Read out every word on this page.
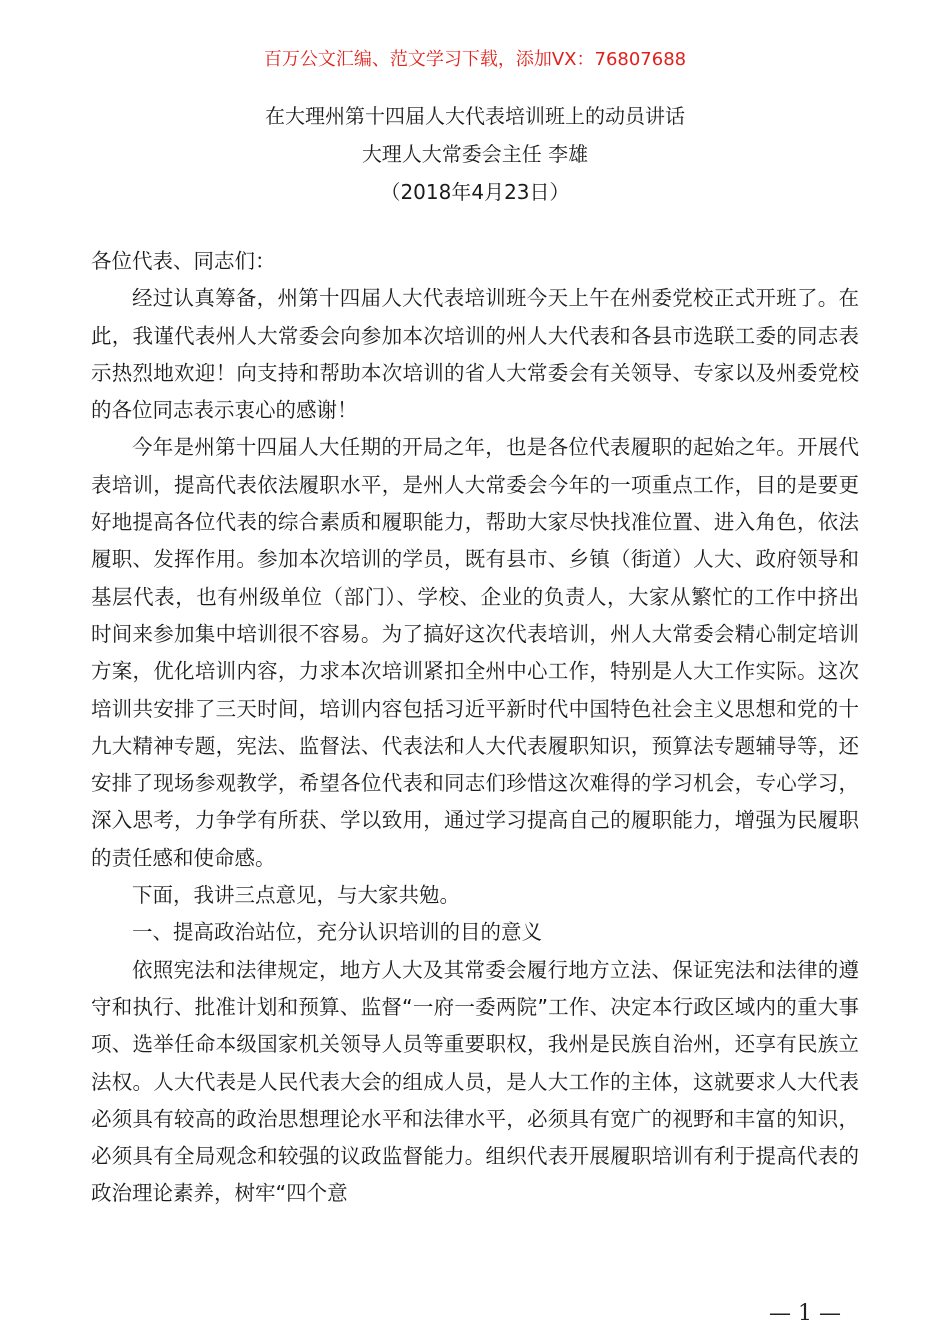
百万公文汇编、范文学习下载，添加VX：76807688
在大理州第十四届人大代表培训班上的动员讲话
大理人大常委会主任 李雄
（2018年4月23日）

各位代表、同志们：

经过认真筹备，州第十四届人大代表培训班今天上午在州委党校正式开班了。在此，我谨代表州人大常委会向参加本次培训的州人大代表和各县市选联工委的同志表示热烈地欢迎！向支持和帮助本次培训的省人大常委会有关领导、专家以及州委党校的各位同志表示衷心的感谢！

今年是州第十四届人大任期的开局之年，也是各位代表履职的起始之年。开展代表培训，提高代表依法履职水平，是州人大常委会今年的一项重点工作，目的是要更好地提高各位代表的综合素质和履职能力，帮助大家尽快找准位置、进入角色，依法履职、发挥作用。参加本次培训的学员，既有县市、乡镇（街道）人大、政府领导和基层代表，也有州级单位（部门）、学校、企业的负责人，大家从繁忙的工作中挤出时间来参加集中培训很不容易。为了搞好这次代表培训，州人大常委会精心制定培训方案，优化培训内容，力求本次培训紧扣全州中心工作，特别是人大工作实际。这次培训共安排了三天时间，培训内容包括习近平新时代中国特色社会主义思想和党的十九大精神专题，宪法、监督法、代表法和人大代表履职知识，预算法专题辅导等，还安排了现场参观教学，希望各位代表和同志们珍惜这次难得的学习机会，专心学习，深入思考，力争学有所获、学以致用，通过学习提高自己的履职能力，增强为民履职的责任感和使命感。

下面，我讲三点意见，与大家共勉。

一、提高政治站位，充分认识培训的目的意义

依照宪法和法律规定，地方人大及其常委会履行地方立法、保证宪法和法律的遵守和执行、批准计划和预算、监督“一府一委两院”工作、决定本行政区域内的重大事项、选举任命本级国家机关领导人员等重要职权，我州是民族自治州，还享有民族立法权。人大代表是人民代表大会的组成人员，是人大工作的主体，这就要求人大代表必须具有较高的政治思想理论水平和法律水平，必须具有宽广的视野和丰富的知识，必须具有全局观念和较强的议政监督能力。组织代表开展履职培训有利于提高代表的政治理论素养，树牢“四个意

— 1 —
